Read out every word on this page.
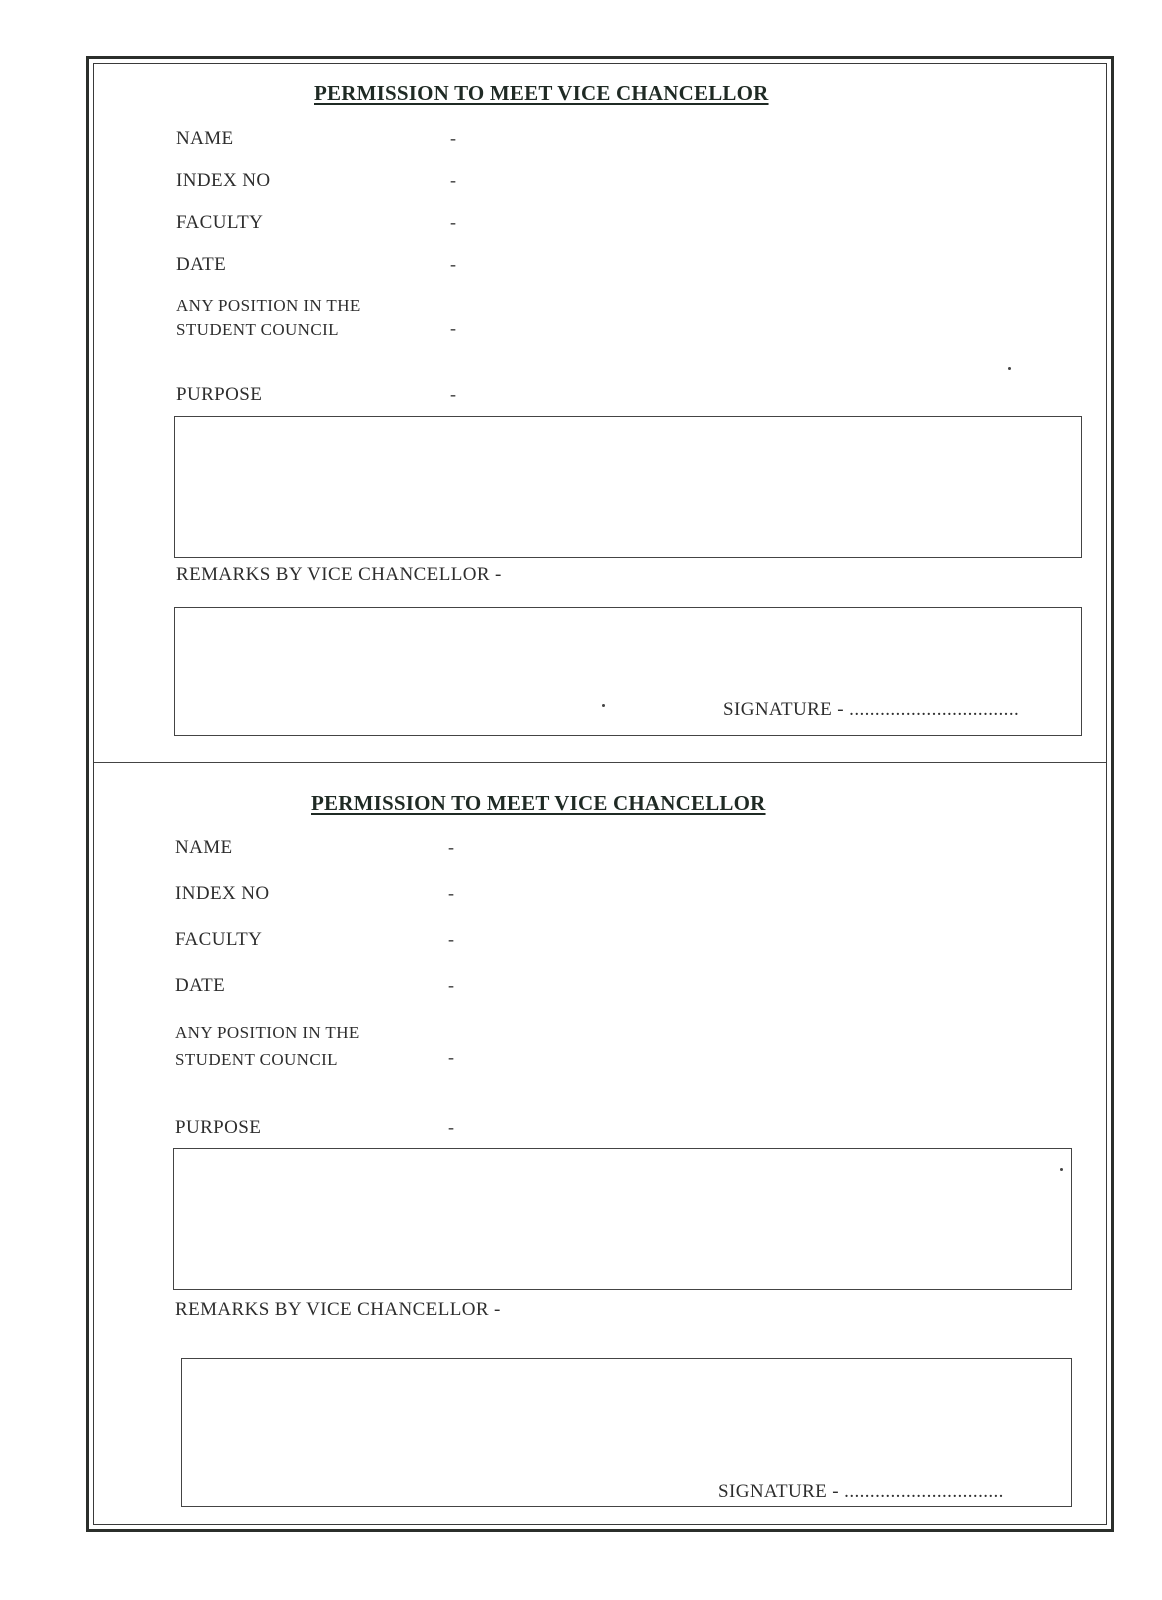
PERMISSION TO MEET VICE CHANCELLOR
NAME	-
INDEX NO	-
FACULTY	-
DATE	-
ANY POSITION IN THE STUDENT COUNCIL	-
PURPOSE	-
REMARKS BY VICE CHANCELLOR -
SIGNATURE - .................................
PERMISSION TO MEET VICE CHANCELLOR
NAME	-
INDEX NO	-
FACULTY	-
DATE	-
ANY POSITION IN THE STUDENT COUNCIL	-
PURPOSE	-
REMARKS BY VICE CHANCELLOR -
SIGNATURE - ...............................
